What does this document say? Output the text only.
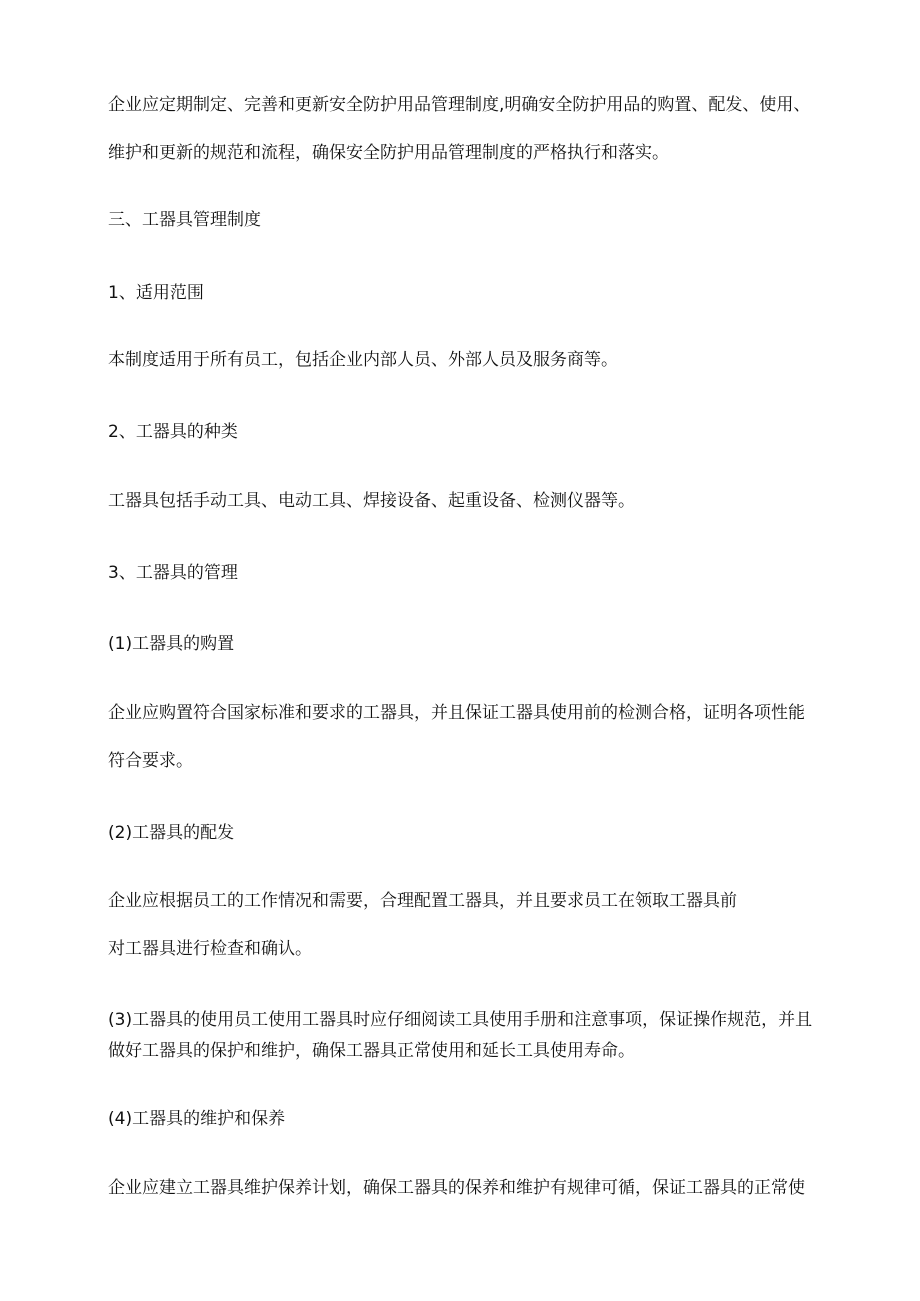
企业应定期制定、完善和更新安全防护用品管理制度,明确安全防护用品的购置、配发、使用、

维护和更新的规范和流程，确保安全防护用品管理制度的严格执行和落实。

三、工器具管理制度

1、适用范围

本制度适用于所有员工，包括企业内部人员、外部人员及服务商等。

2、工器具的种类

工器具包括手动工具、电动工具、焊接设备、起重设备、检测仪器等。

3、工器具的管理

(1)工器具的购置

企业应购置符合国家标准和要求的工器具，并且保证工器具使用前的检测合格，证明各项性能

符合要求。

(2)工器具的配发

企业应根据员工的工作情况和需要，合理配置工器具，并且要求员工在领取工器具前

对工器具进行检查和确认。

(3)工器具的使用员工使用工器具时应仔细阅读工具使用手册和注意事项，保证操作规范，并且

做好工器具的保护和维护，确保工器具正常使用和延长工具使用寿命。

(4)工器具的维护和保养

企业应建立工器具维护保养计划，确保工器具的保养和维护有规律可循，保证工器具的正常使
